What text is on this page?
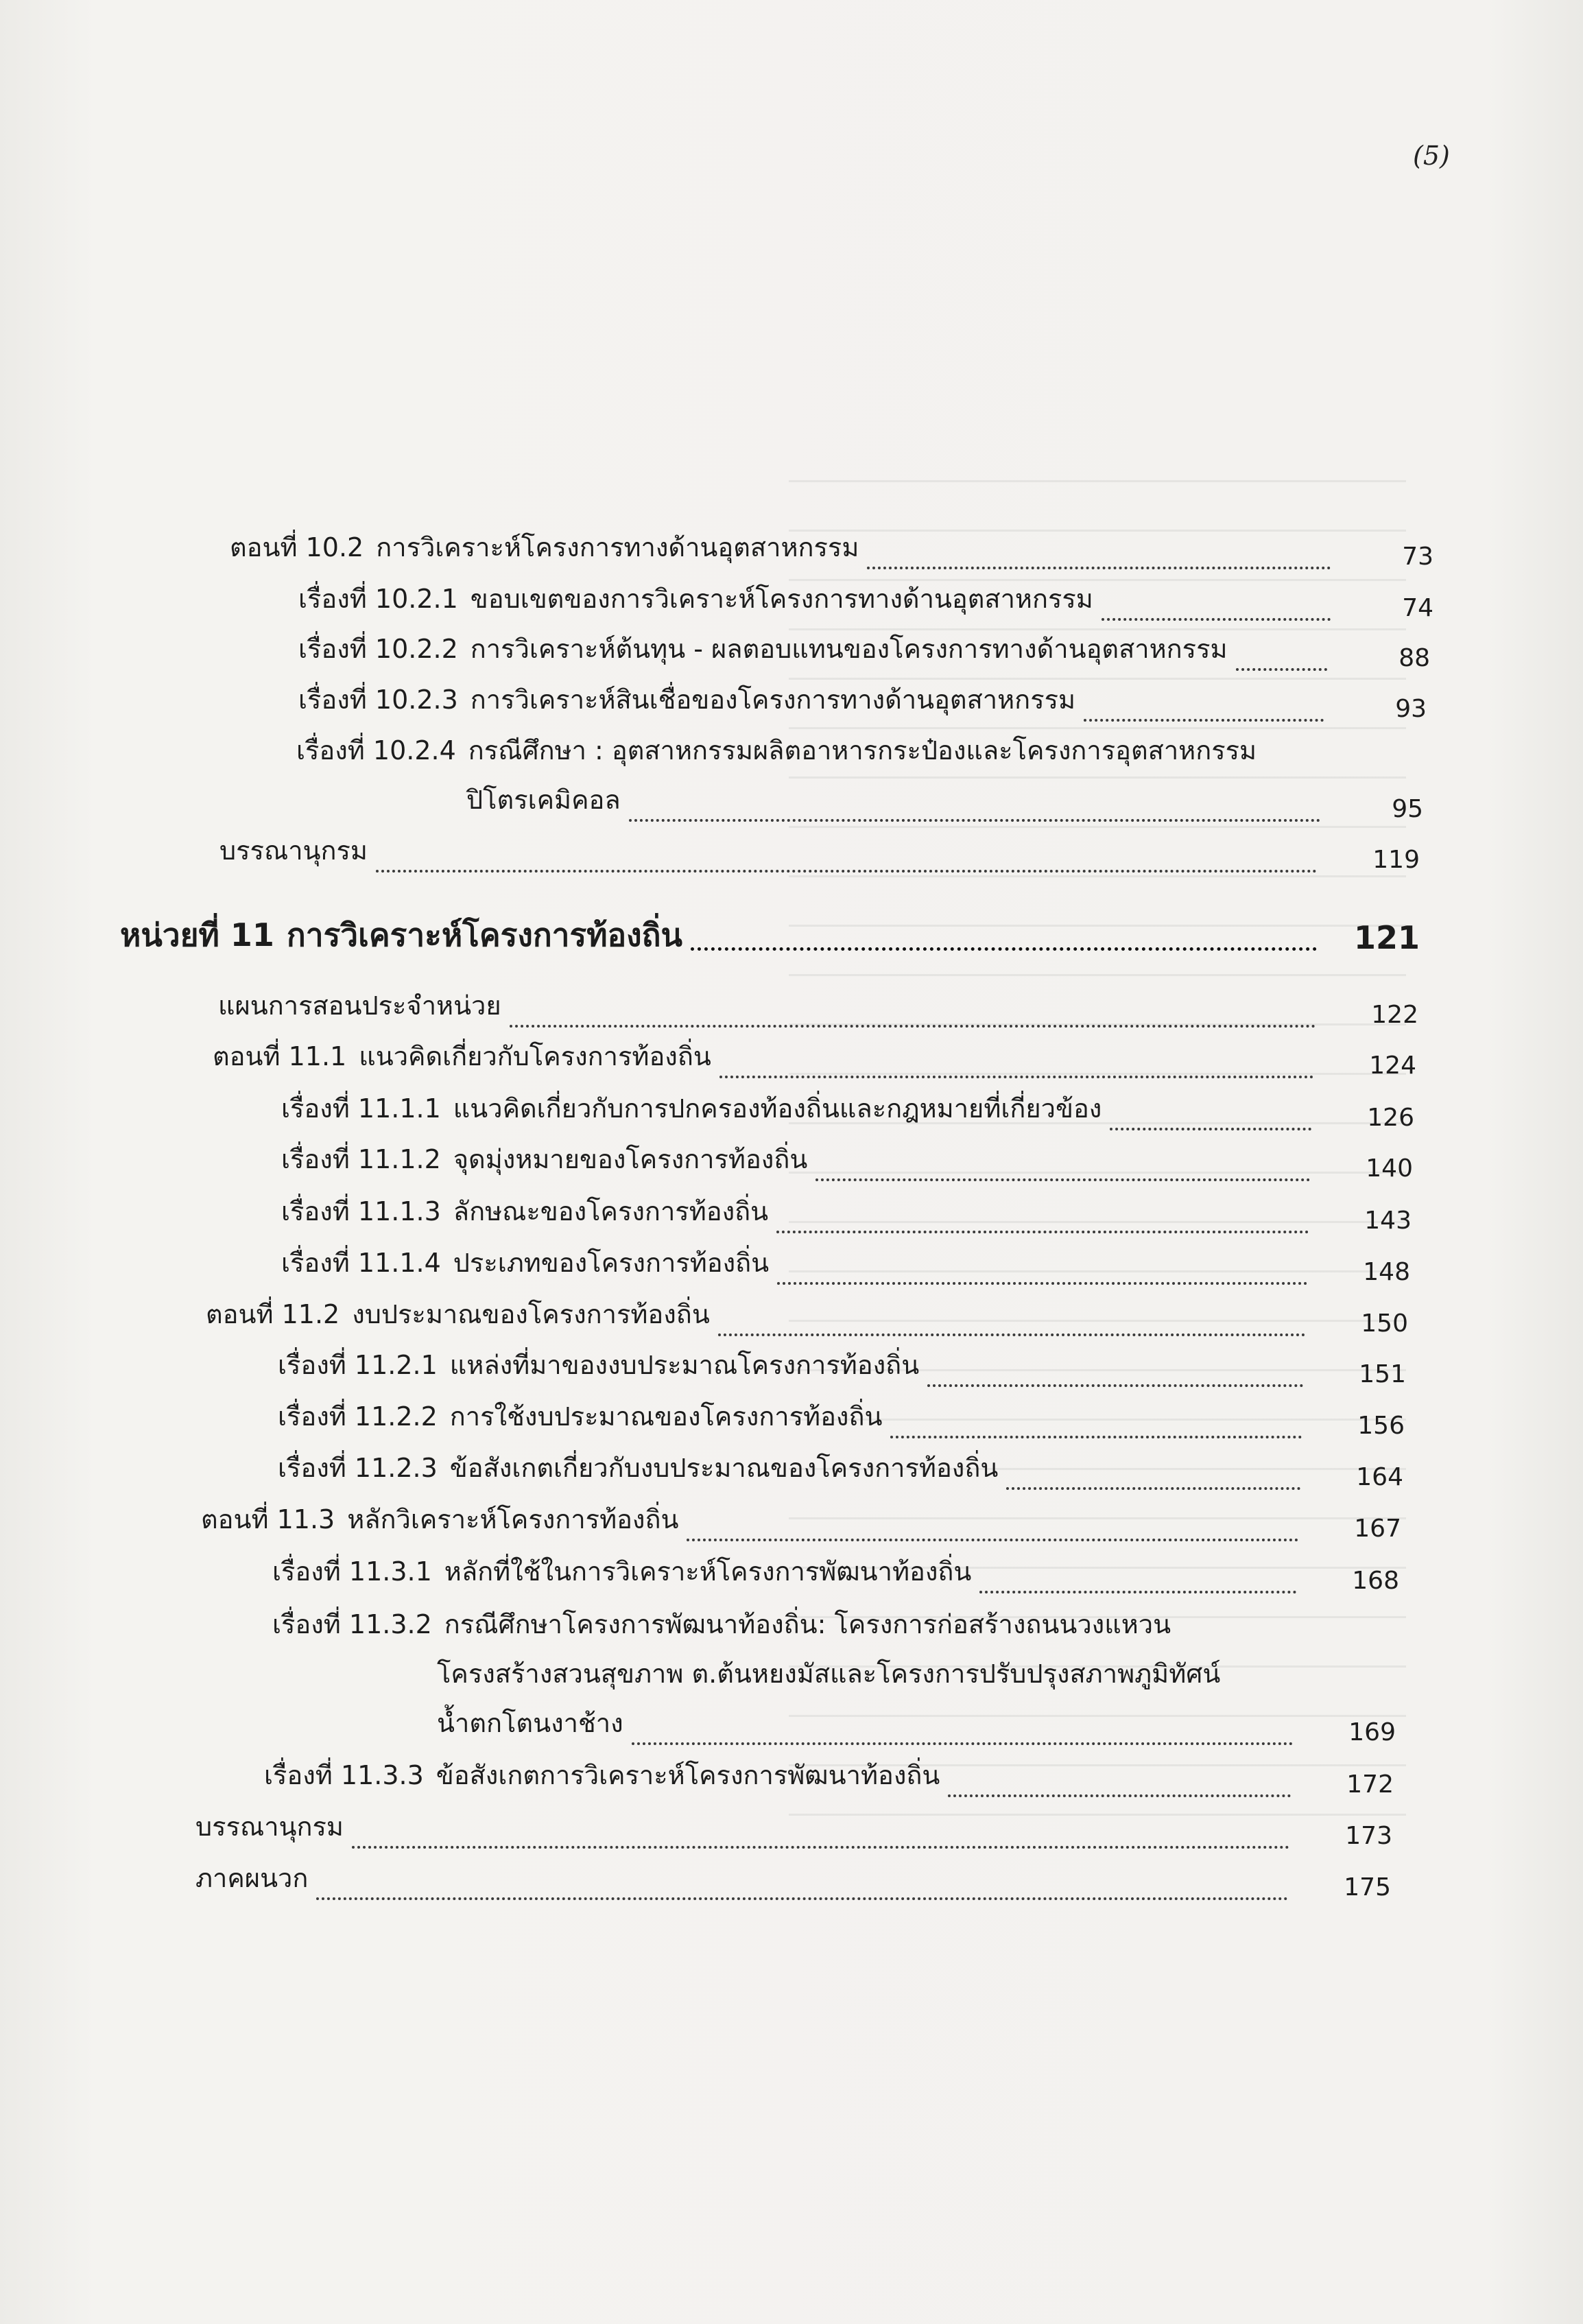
(5)
ตอนที่ 10.2 การวิเคราะห์โครงการทางด้านอุตสาหกรรม	73
เรื่องที่ 10.2.1 ขอบเขตของการวิเคราะห์โครงการทางด้านอุตสาหกรรม	74
เรื่องที่ 10.2.2 การวิเคราะห์ต้นทุน - ผลตอบแทนของโครงการทางด้านอุตสาหกรรม	88
เรื่องที่ 10.2.3 การวิเคราะห์สินเชื่อของโครงการทางด้านอุตสาหกรรม	93
เรื่องที่ 10.2.4 กรณีศึกษา : อุตสาหกรรมผลิตอาหารกระป๋องและโครงการอุตสาหกรรม
ปิโตรเคมิคอล	95
บรรณานุกรม	119
หน่วยที่ 11 การวิเคราะห์โครงการท้องถิ่น	121
แผนการสอนประจำหน่วย	122
ตอนที่ 11.1 แนวคิดเกี่ยวกับโครงการท้องถิ่น	124
เรื่องที่ 11.1.1 แนวคิดเกี่ยวกับการปกครองท้องถิ่นและกฎหมายที่เกี่ยวข้อง	126
เรื่องที่ 11.1.2 จุดมุ่งหมายของโครงการท้องถิ่น	140
เรื่องที่ 11.1.3 ลักษณะของโครงการท้องถิ่น	143
เรื่องที่ 11.1.4 ประเภทของโครงการท้องถิ่น	148
ตอนที่ 11.2 งบประมาณของโครงการท้องถิ่น	150
เรื่องที่ 11.2.1 แหล่งที่มาของงบประมาณโครงการท้องถิ่น	151
เรื่องที่ 11.2.2 การใช้งบประมาณของโครงการท้องถิ่น	156
เรื่องที่ 11.2.3 ข้อสังเกตเกี่ยวกับงบประมาณของโครงการท้องถิ่น	164
ตอนที่ 11.3 หลักวิเคราะห์โครงการท้องถิ่น	167
เรื่องที่ 11.3.1 หลักที่ใช้ในการวิเคราะห์โครงการพัฒนาท้องถิ่น	168
เรื่องที่ 11.3.2 กรณีศึกษาโครงการพัฒนาท้องถิ่น: โครงการก่อสร้างถนนวงแหวน
โครงสร้างสวนสุขภาพ ต.ต้นหยงมัสและโครงการปรับปรุงสภาพภูมิทัศน์
น้ำตกโตนงาช้าง	169
เรื่องที่ 11.3.3 ข้อสังเกตการวิเคราะห์โครงการพัฒนาท้องถิ่น	172
บรรณานุกรม	173
ภาคผนวก	175
